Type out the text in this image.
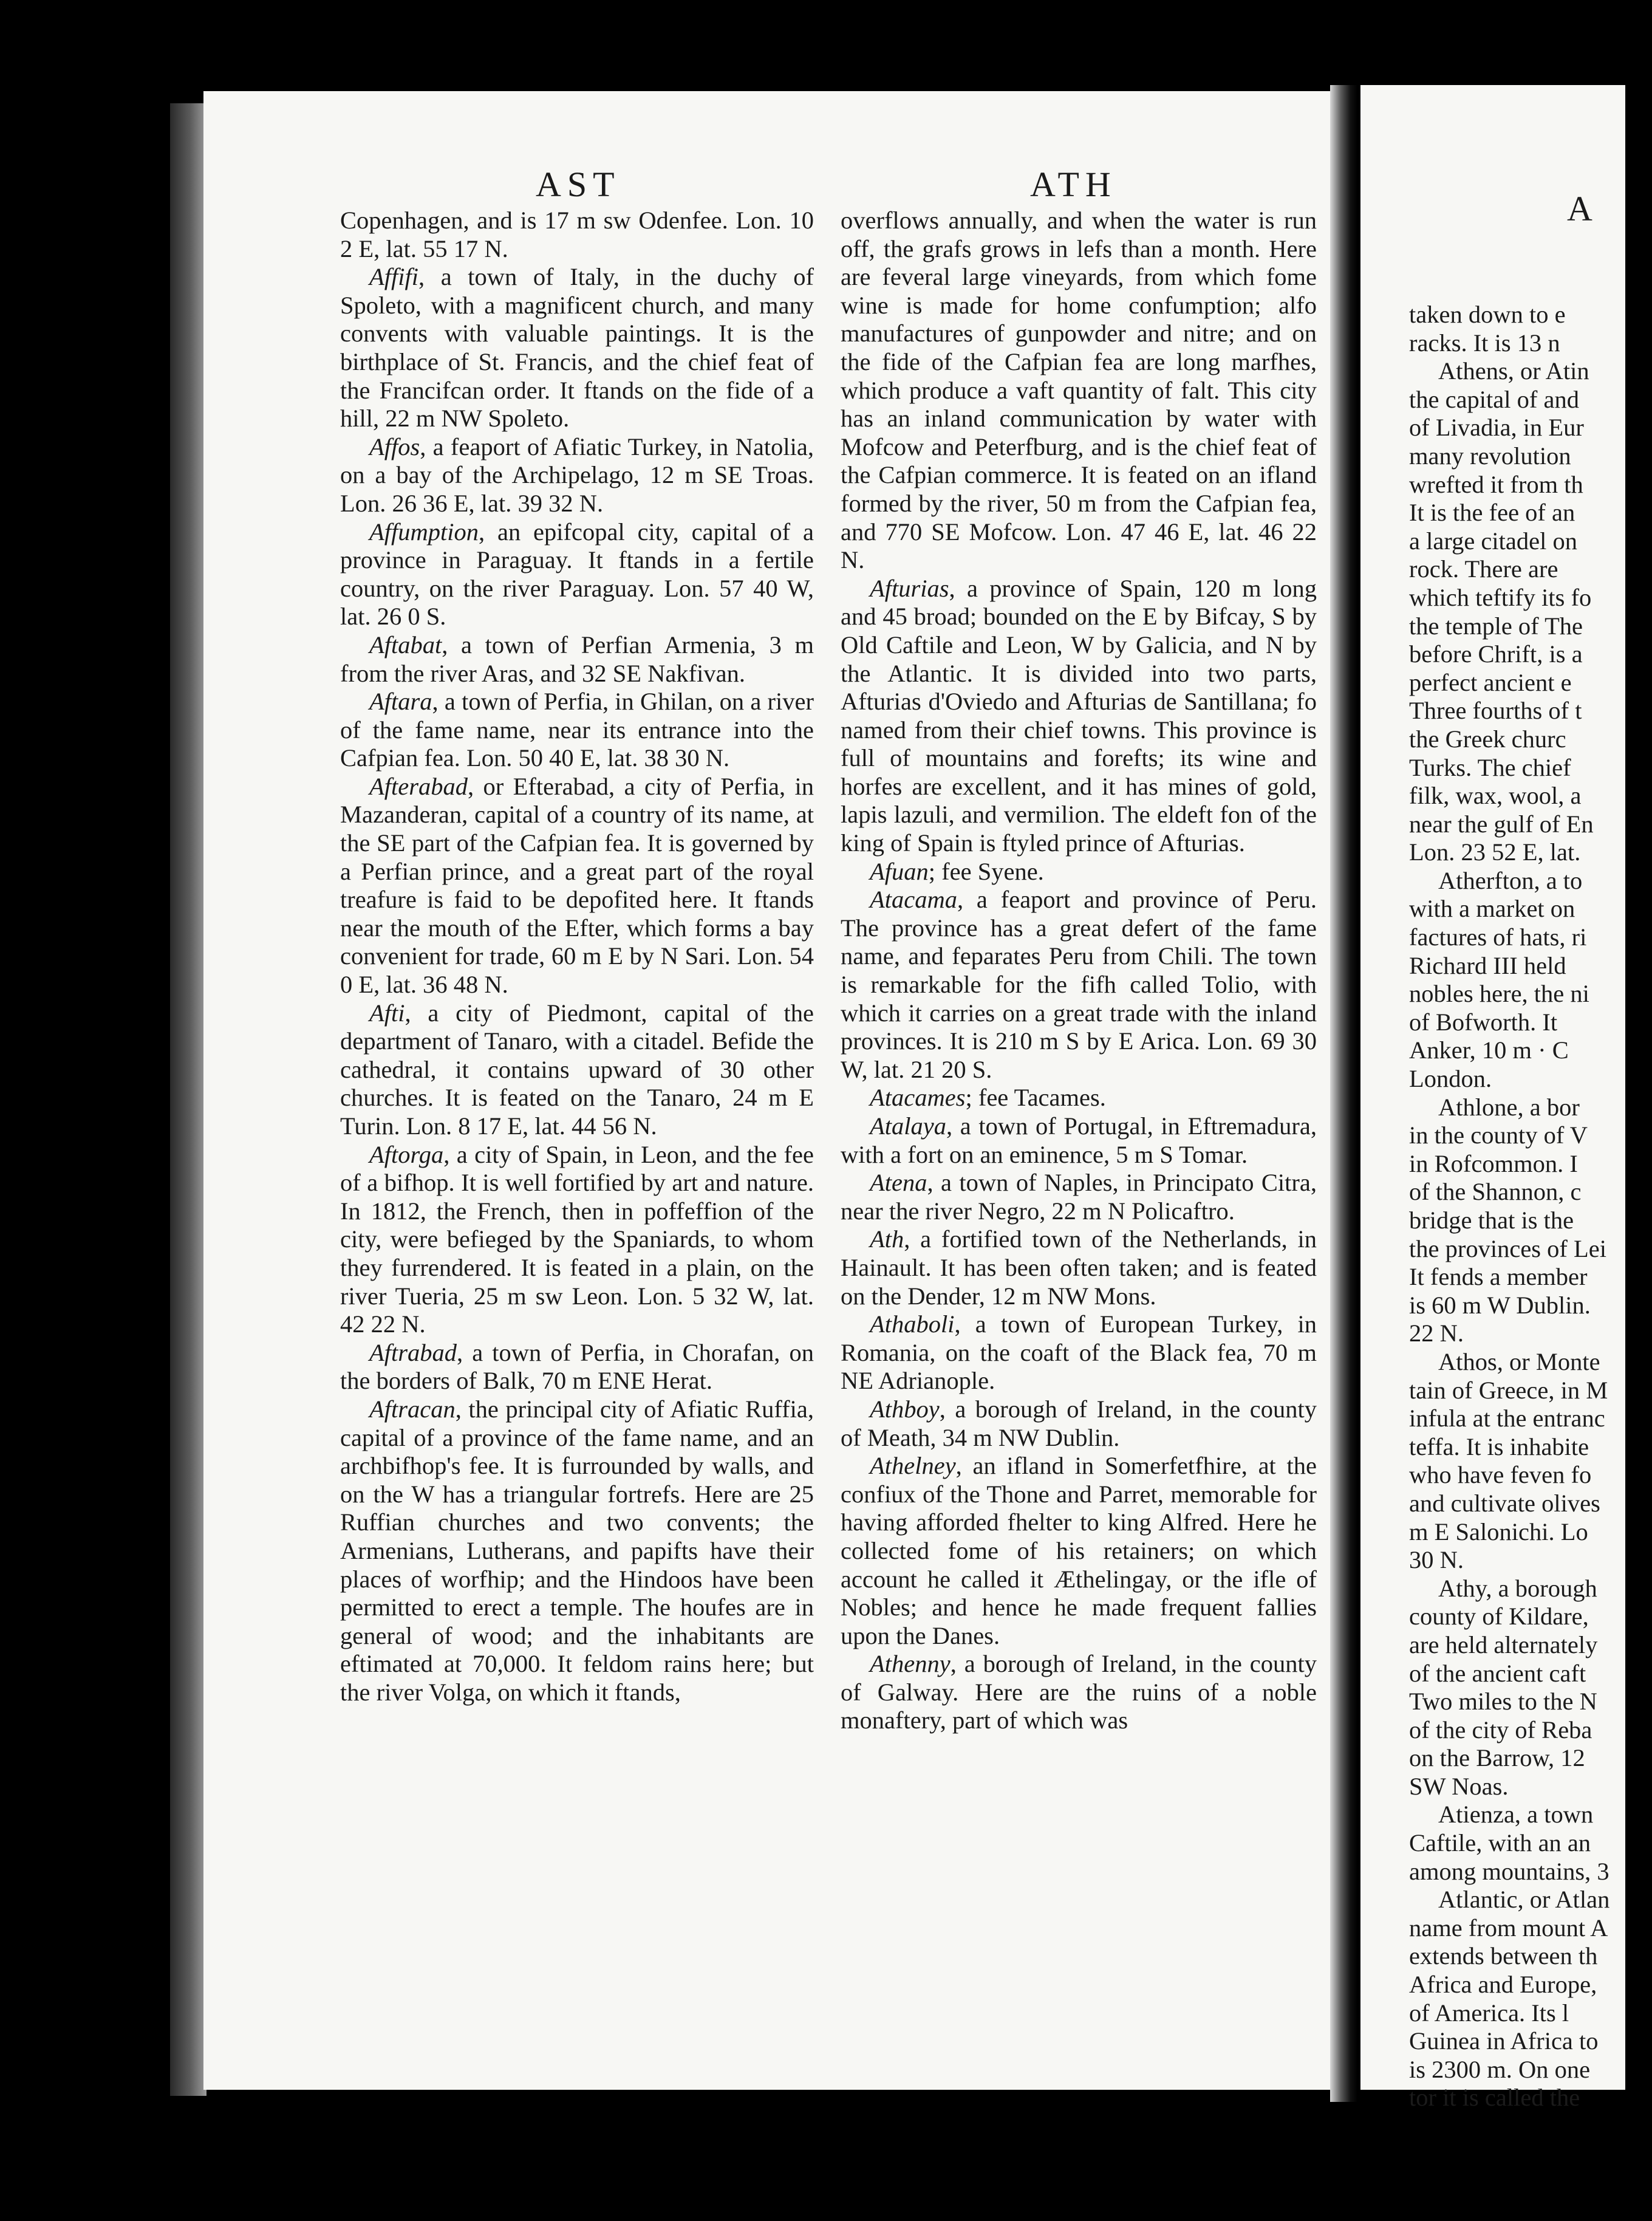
A
taken down to e
racks. It is 13 n
Athens, or Atin
the capital of and
of Livadia, in Eur
many revolution
wrefted it from th
It is the fee of an
a large citadel on
rock. There are
which teftify its fo
the temple of The
before Chrift, is a
perfect ancient e
Three fourths of t
the Greek churc
Turks. The chief
filk, wax, wool, a
near the gulf of En
Lon. 23 52 E, lat.
Atherfton, a to
with a market on
factures of hats, ri
Richard III held
nobles here, the ni
of Bofworth. It
Anker, 10 m · C
London.
Athlone, a bor
in the county of V
in Rofcommon. I
of the Shannon, c
bridge that is the
the provinces of Lei
It fends a member
is 60 m W Dublin.
22 N.
Athos, or Monte
tain of Greece, in M
infula at the entranc
teffa. It is inhabite
who have feven fo
and cultivate olives
m E Salonichi. Lo
30 N.
Athy, a borough
county of Kildare,
are held alternately
of the ancient caft
Two miles to the N
of the city of Reba
on the Barrow, 12
SW Noas.
Atienza, a town
Caftile, with an an
among mountains, 3
Atlantic, or Atlan
name from mount A
extends between th
Africa and Europe,
of America. Its l
Guinea in Africa to
is 2300 m. On one
tor it is called the
AST	ATH

Copenhagen, and is 17 m sw Odenfee. Lon. 10 2 E, lat. 55 17 N.

Affifi, a town of Italy, in the duchy of Spoleto, with a magnificent church, and many convents with valuable paintings. It is the birthplace of St. Francis, and the chief feat of the Francifcan order. It ftands on the fide of a hill, 22 m NW Spoleto.

Affos, a feaport of Afiatic Turkey, in Natolia, on a bay of the Archipelago, 12 m SE Troas. Lon. 26 36 E, lat. 39 32 N.

Affumption, an epifcopal city, capital of a province in Paraguay. It ftands in a fertile country, on the river Paraguay. Lon. 57 40 W, lat. 26 0 S.

Aftabat, a town of Perfian Armenia, 3 m from the river Aras, and 32 SE Nakfivan.

Aftara, a town of Perfia, in Ghilan, on a river of the fame name, near its entrance into the Cafpian fea. Lon. 50 40 E, lat. 38 30 N.

Afterabad, or Efterabad, a city of Perfia, in Mazanderan, capital of a country of its name, at the SE part of the Cafpian fea. It is governed by a Perfian prince, and a great part of the royal treafure is faid to be depofited here. It ftands near the mouth of the Efter, which forms a bay convenient for trade, 60 m E by N Sari. Lon. 54 0 E, lat. 36 48 N.

Afti, a city of Piedmont, capital of the department of Tanaro, with a citadel. Befide the cathedral, it contains upward of 30 other churches. It is feated on the Tanaro, 24 m E Turin. Lon. 8 17 E, lat. 44 56 N.

Aftorga, a city of Spain, in Leon, and the fee of a bifhop. It is well fortified by art and nature. In 1812, the French, then in poffeffion of the city, were befieged by the Spaniards, to whom they furrendered. It is feated in a plain, on the river Tueria, 25 m sw Leon. Lon. 5 32 W, lat. 42 22 N.

Aftrabad, a town of Perfia, in Chorafan, on the borders of Balk, 70 m ENE Herat.

Aftracan, the principal city of Afiatic Ruffia, capital of a province of the fame name, and an archbifhop's fee. It is furrounded by walls, and on the W has a triangular fortrefs. Here are 25 Ruffian churches and two convents; the Armenians, Lutherans, and papifts have their places of worfhip; and the Hindoos have been permitted to erect a temple. The houfes are in general of wood; and the inhabitants are eftimated at 70,000. It feldom rains here; but the river Volga, on which it ftands,

overflows annually, and when the water is run off, the grafs grows in lefs than a month. Here are feveral large vineyards, from which fome wine is made for home confumption; alfo manufactures of gunpowder and nitre; and on the fide of the Cafpian fea are long marfhes, which produce a vaft quantity of falt. This city has an inland communication by water with Mofcow and Peterfburg, and is the chief feat of the Cafpian commerce. It is feated on an ifland formed by the river, 50 m from the Cafpian fea, and 770 SE Mofcow. Lon. 47 46 E, lat. 46 22 N.

Afturias, a province of Spain, 120 m long and 45 broad; bounded on the E by Bifcay, S by Old Caftile and Leon, W by Galicia, and N by the Atlantic. It is divided into two parts, Afturias d'Oviedo and Afturias de Santillana; fo named from their chief towns. This province is full of mountains and forefts; its wine and horfes are excellent, and it has mines of gold, lapis lazuli, and vermilion. The eldeft fon of the king of Spain is ftyled prince of Afturias.

Afuan; fee Syene.

Atacama, a feaport and province of Peru. The province has a great defert of the fame name, and feparates Peru from Chili. The town is remarkable for the fifh called Tolio, with which it carries on a great trade with the inland provinces. It is 210 m S by E Arica. Lon. 69 30 W, lat. 21 20 S.

Atacames; fee Tacames.

Atalaya, a town of Portugal, in Eftremadura, with a fort on an eminence, 5 m S Tomar.

Atena, a town of Naples, in Principato Citra, near the river Negro, 22 m N Policaftro.

Ath, a fortified town of the Netherlands, in Hainault. It has been often taken; and is feated on the Dender, 12 m NW Mons.

Athaboli, a town of European Turkey, in Romania, on the coaft of the Black fea, 70 m NE Adrianople.

Athboy, a borough of Ireland, in the county of Meath, 34 m NW Dublin.

Athelney, an ifland in Somerfetfhire, at the confiux of the Thone and Parret, memorable for having afforded fhelter to king Alfred. Here he collected fome of his retainers; on which account he called it Æthelingay, or the ifle of Nobles; and hence he made frequent fallies upon the Danes.

Athenny, a borough of Ireland, in the county of Galway. Here are the ruins of a noble monaftery, part of which was
